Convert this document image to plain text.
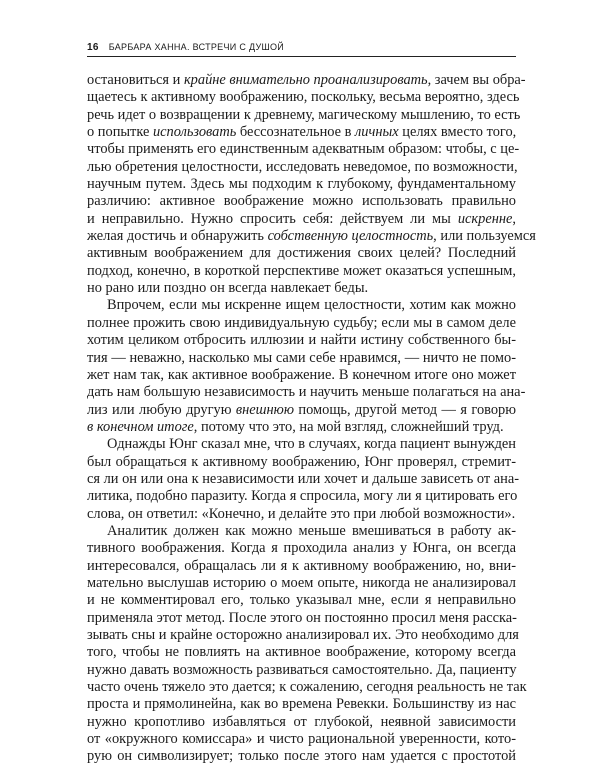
16 БАРБАРА ХАННА. ВСТРЕЧИ С ДУШОЙ
остановиться и крайне внимательно проанализировать, зачем вы обра-
щаетесь к активному воображению, поскольку, весьма вероятно, здесь
речь идет о возвращении к древнему, магическому мышлению, то есть
о попытке использовать бессознательное в личных целях вместо того,
чтобы применять его единственным адекватным образом: чтобы, с це-
лью обретения целостности, исследовать неведомое, по возможности,
научным путем. Здесь мы подходим к глубокому, фундаментальному
различию: активное воображение можно использовать правильно
и неправильно. Нужно спросить себя: действуем ли мы искренне,
желая достичь и обнаружить собственную целостность, или пользуемся
активным воображением для достижения своих целей? Последний
подход, конечно, в короткой перспективе может оказаться успешным,
но рано или поздно он всегда навлекает беды.
Впрочем, если мы искренне ищем целостности, хотим как можно
полнее прожить свою индивидуальную судьбу; если мы в самом деле
хотим целиком отбросить иллюзии и найти истину собственного бы-
тия — неважно, насколько мы сами себе нравимся, — ничто не помо-
жет нам так, как активное воображение. В конечном итоге оно может
дать нам большую независимость и научить меньше полагаться на ана-
лиз или любую другую внешнюю помощь, другой метод — я говорю
в конечном итоге, потому что это, на мой взгляд, сложнейший труд.
Однажды Юнг сказал мне, что в случаях, когда пациент вынужден
был обращаться к активному воображению, Юнг проверял, стремит-
ся ли он или она к независимости или хочет и дальше зависеть от ана-
литика, подобно паразиту. Когда я спросила, могу ли я цитировать его
слова, он ответил: «Конечно, и делайте это при любой возможности».
Аналитик должен как можно меньше вмешиваться в работу ак-
тивного воображения. Когда я проходила анализ у Юнга, он всегда
интересовался, обращалась ли я к активному воображению, но, вни-
мательно выслушав историю о моем опыте, никогда не анализировал
и не комментировал его, только указывал мне, если я неправильно
применяла этот метод. После этого он постоянно просил меня расска-
зывать сны и крайне осторожно анализировал их. Это необходимо для
того, чтобы не повлиять на активное воображение, которому всегда
нужно давать возможность развиваться самостоятельно. Да, пациенту
часто очень тяжело это дается; к сожалению, сегодня реальность не так
проста и прямолинейна, как во времена Ревекки. Большинству из нас
нужно кропотливо избавляться от глубокой, неявной зависимости
от «окружного комиссара» и чисто рациональной уверенности, кото-
рую он символизирует; только после этого нам удается с простотой
